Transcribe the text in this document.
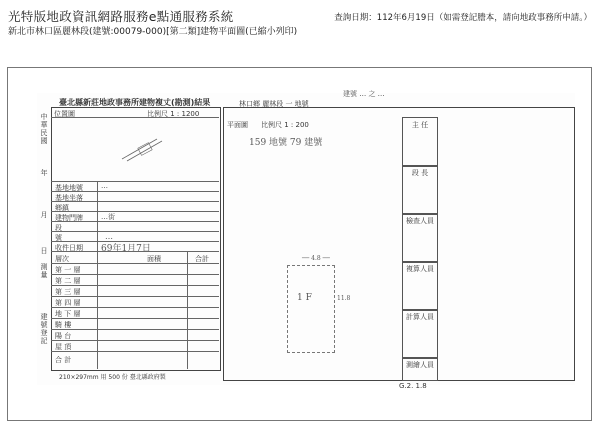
光特版地政資訊網路服務e點通服務系統
新北市林口區麗林段(建號:00079-000)[第二類]建物平面圖(已縮小列印)
查詢日期：112年6月19日（如需登記謄本，請向地政事務所申請。）
臺北縣新莊地政事務所建物複丈(勘測)結果
中
華
民
國
年
月
日
測
量
建
號
登
記
位置圖	比例尺 1 : 1200
基地地號	…
基地坐落
鄉鎮
建物門牌	…街
段
號	…
收件日期 69年1月7日
層次	面積	合計
第 一 層
第 二 層
第 三 層
第 四 層
地 下 層
騎 樓
陽 台
屋 頂
合 計
210×297mm 用 500 份 臺北縣政府製
林口鄉 麗林段 一 地號
建號 … 之 …
平面圖 比例尺 1 : 200
159 地號 79 建號
── 4.8 ──
11.8
1 F
主 任
段 長
檢查人員
複算人員
計算人員
測繪人員
G.2. 1.8
